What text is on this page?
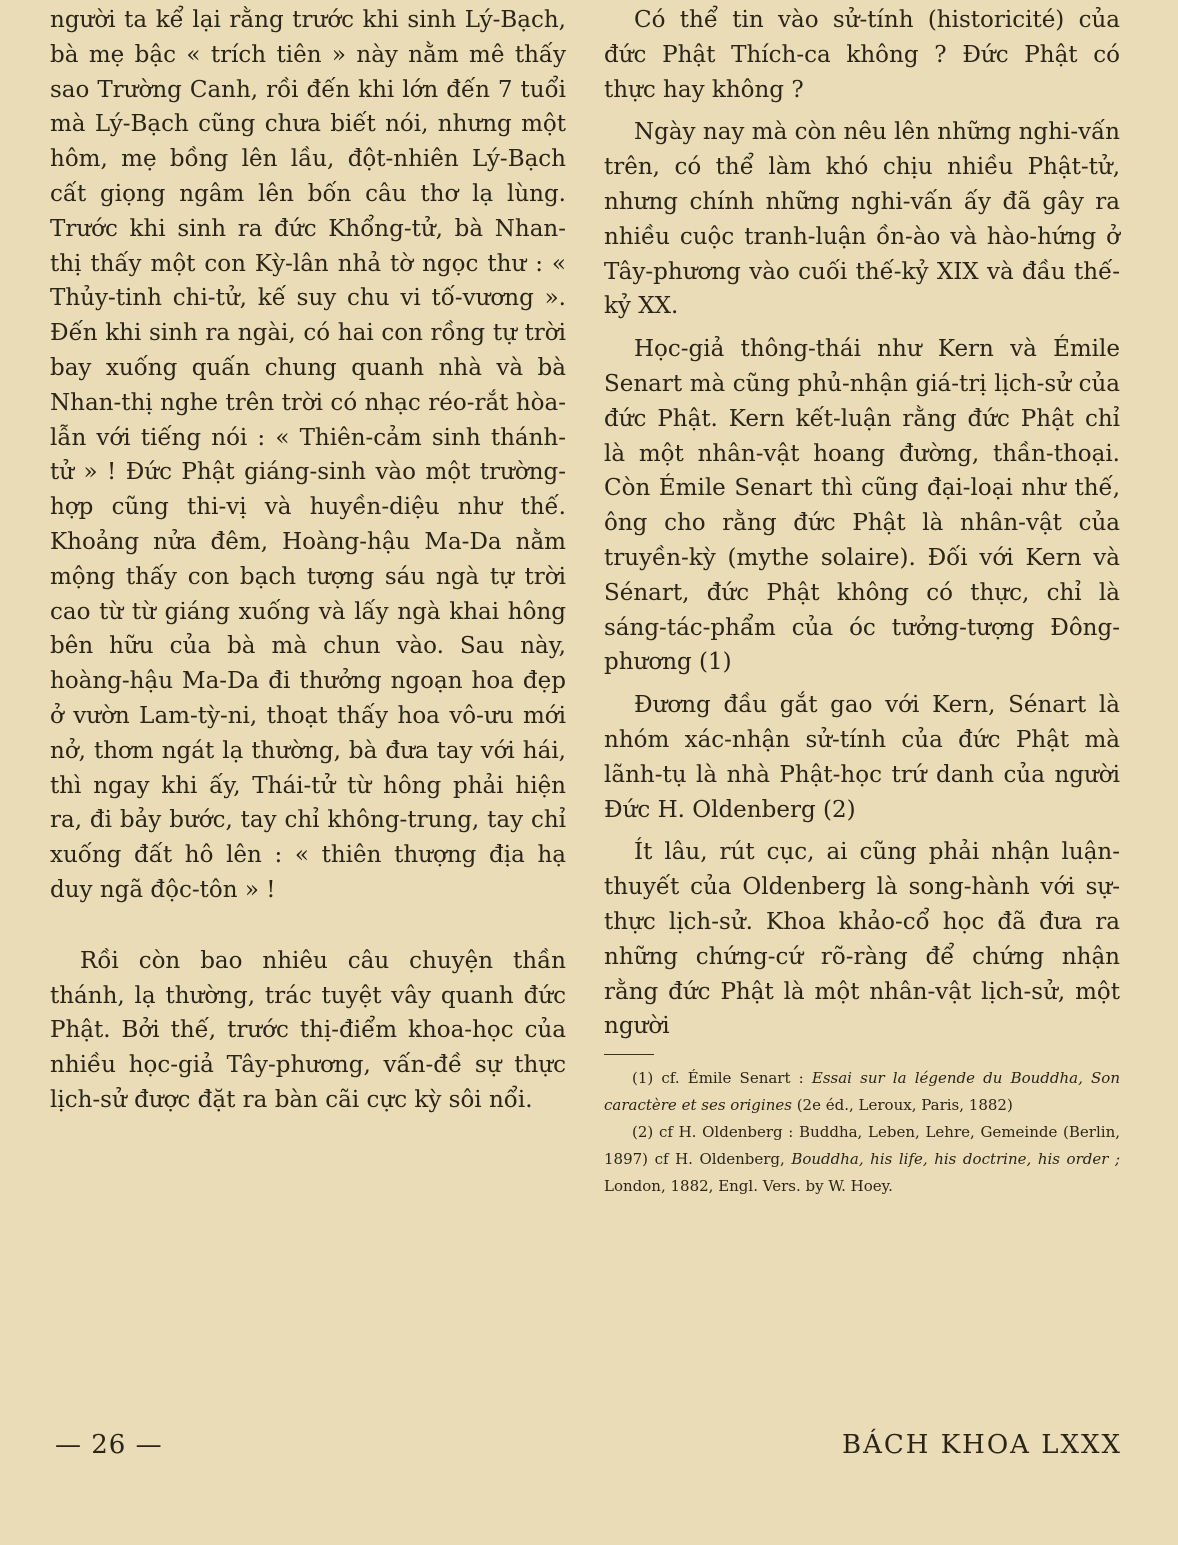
người ta kể lại rằng trước khi sinh Lý-Bạch, bà mẹ bậc « trích tiên » này nằm mê thấy sao Trường Canh, rồi đến khi lớn đến 7 tuổi mà Lý-Bạch cũng chưa biết nói, nhưng một hôm, mẹ bồng lên lầu, đột-nhiên Lý-Bạch cất giọng ngâm lên bốn câu thơ lạ lùng. Trước khi sinh ra đức Khổng-tử, bà Nhan-thị thấy một con Kỳ-lân nhả tờ ngọc thư : « Thủy-tinh chi-tử, kế suy chu vi tố-vương ». Đến khi sinh ra ngài, có hai con rồng tự trời bay xuống quấn chung quanh nhà và bà Nhan-thị nghe trên trời có nhạc réo-rắt hòa-lẫn với tiếng nói : « Thiên-cảm sinh thánh-tử » ! Đức Phật giáng-sinh vào một trường-hợp cũng thi-vị và huyền-diệu như thế. Khoảng nửa đêm, Hoàng-hậu Ma-Da nằm mộng thấy con bạch tượng sáu ngà tự trời cao từ từ giáng xuống và lấy ngà khai hông bên hữu của bà mà chun vào. Sau này, hoàng-hậu Ma-Da đi thưởng ngoạn hoa đẹp ở vườn Lam-tỳ-ni, thoạt thấy hoa vô-ưu mới nở, thơm ngát lạ thường, bà đưa tay với hái, thì ngay khi ấy, Thái-tử từ hông phải hiện ra, đi bảy bước, tay chỉ không-trung, tay chỉ xuống đất hô lên : « thiên thượng địa hạ duy ngã độc-tôn » !

Rồi còn bao nhiêu câu chuyện thần thánh, lạ thường, trác tuyệt vây quanh đức Phật. Bởi thế, trước thị-điểm khoa-học của nhiều học-giả Tây-phương, vấn-đề sự thực lịch-sử được đặt ra bàn cãi cực kỳ sôi nổi.

Có thể tin vào sử-tính (historicité) của đức Phật Thích-ca không ? Đức Phật có thực hay không ?

Ngày nay mà còn nêu lên những nghi-vấn trên, có thể làm khó chịu nhiều Phật-tử, nhưng chính những nghi-vấn ấy đã gây ra nhiều cuộc tranh-luận ồn-ào và hào-hứng ở Tây-phương vào cuối thế-kỷ XIX và đầu thế-kỷ XX.

Học-giả thông-thái như Kern và Émile Senart mà cũng phủ-nhận giá-trị lịch-sử của đức Phật. Kern kết-luận rằng đức Phật chỉ là một nhân-vật hoang đường, thần-thoại. Còn Émile Senart thì cũng đại-loại như thế, ông cho rằng đức Phật là nhân-vật của truyền-kỳ (mythe solaire). Đối với Kern và Sénart, đức Phật không có thực, chỉ là sáng-tác-phẩm của óc tưởng-tượng Đông-phương (1)

Đương đầu gắt gao với Kern, Sénart là nhóm xác-nhận sử-tính của đức Phật mà lãnh-tụ là nhà Phật-học trứ danh của người Đức H. Oldenberg (2)

Ít lâu, rút cục, ai cũng phải nhận luận-thuyết của Oldenberg là song-hành với sự-thực lịch-sử. Khoa khảo-cổ học đã đưa ra những chứng-cứ rõ-ràng để chứng nhận rằng đức Phật là một nhân-vật lịch-sử, một người

(1) cf. Émile Senart : Essai sur la légende du Bouddha, Son caractère et ses origines (2e éd., Leroux, Paris, 1882)

(2) cf H. Oldenberg : Buddha, Leben, Lehre, Gemeinde (Berlin, 1897) cf H. Oldenberg, Bouddha, his life, his doctrine, his order ; London, 1882, Engl. Vers. by W. Hoey.

— 26 —	BÁCH KHOA LXXX
